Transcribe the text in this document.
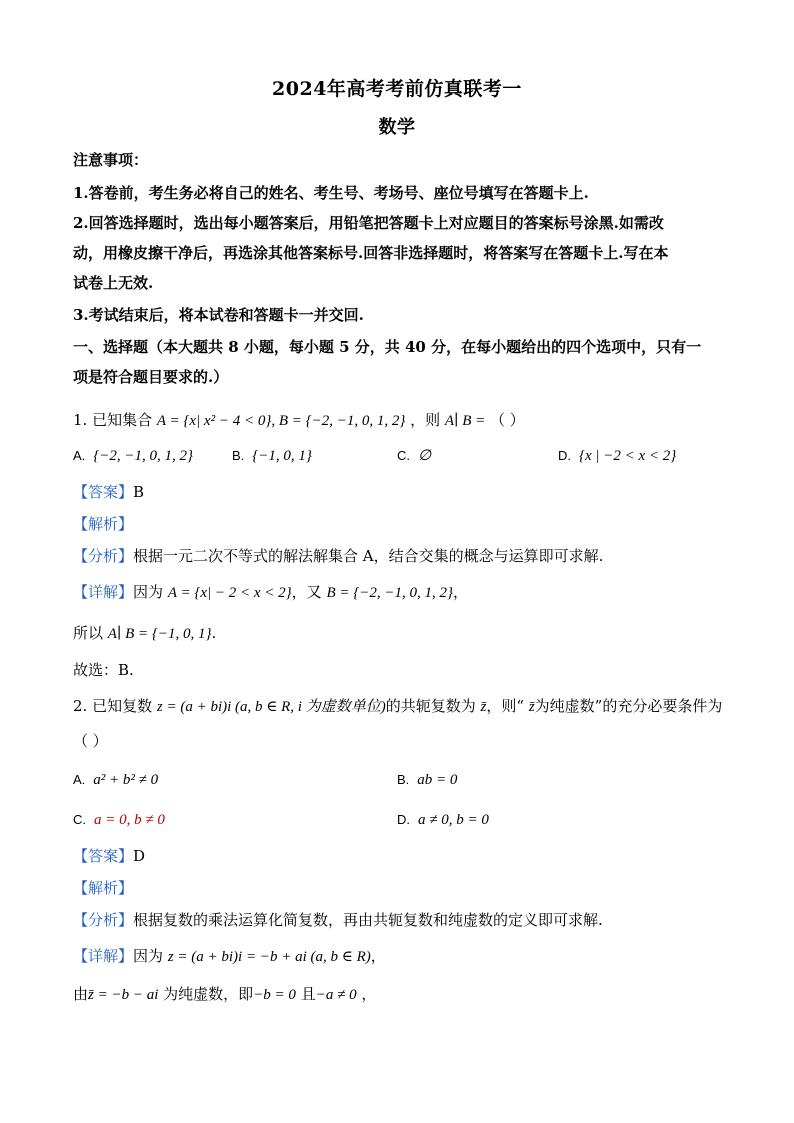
2024年高考考前仿真联考一
数学
注意事项：
1.答卷前，考生务必将自己的姓名、考生号、考场号、座位号填写在答题卡上.
2.回答选择题时，选出每小题答案后，用铅笔把答题卡上对应题目的答案标号涂黑.如需改
动，用橡皮擦干净后，再选涂其他答案标号.回答非选择题时，将答案写在答题卡上.写在本
试卷上无效.
3.考试结束后，将本试卷和答题卡一并交回.
一、选择题（本大题共 8 小题，每小题 5 分，共 40 分，在每小题给出的四个选项中，只有一
项是符合题目要求的.）
1. 已知集合 A = {x| x² − 4 < 0}, B = {−2, −1, 0, 1, 2} ，则 A∣ B = （ ）
A. {−2, −1, 0, 1, 2}	B. {−1, 0, 1}	C. ∅	D. {x | −2 < x < 2}
【答案】B
【解析】
【分析】根据一元二次不等式的解法解集合 A，结合交集的概念与运算即可求解.
【详解】因为 A = {x| − 2 < x < 2}，又 B = {−2, −1, 0, 1, 2}，
所以 A∣ B = {−1, 0, 1}.
故选：B.
2. 已知复数 z = (a + bi)i (a, b ∈ R, i 为虚数单位)的共轭复数为 z̄，则“ z̄为纯虚数”的充分必要条件为
（ ）
A. a² + b² ≠ 0	B. ab = 0
C. a = 0, b ≠ 0	D. a ≠ 0, b = 0
【答案】D
【解析】
【分析】根据复数的乘法运算化简复数，再由共轭复数和纯虚数的定义即可求解.
【详解】因为 z = (a + bi)i = −b + ai (a, b ∈ R)，
由z̄ = −b − ai 为纯虚数，即−b = 0 且−a ≠ 0 ，
